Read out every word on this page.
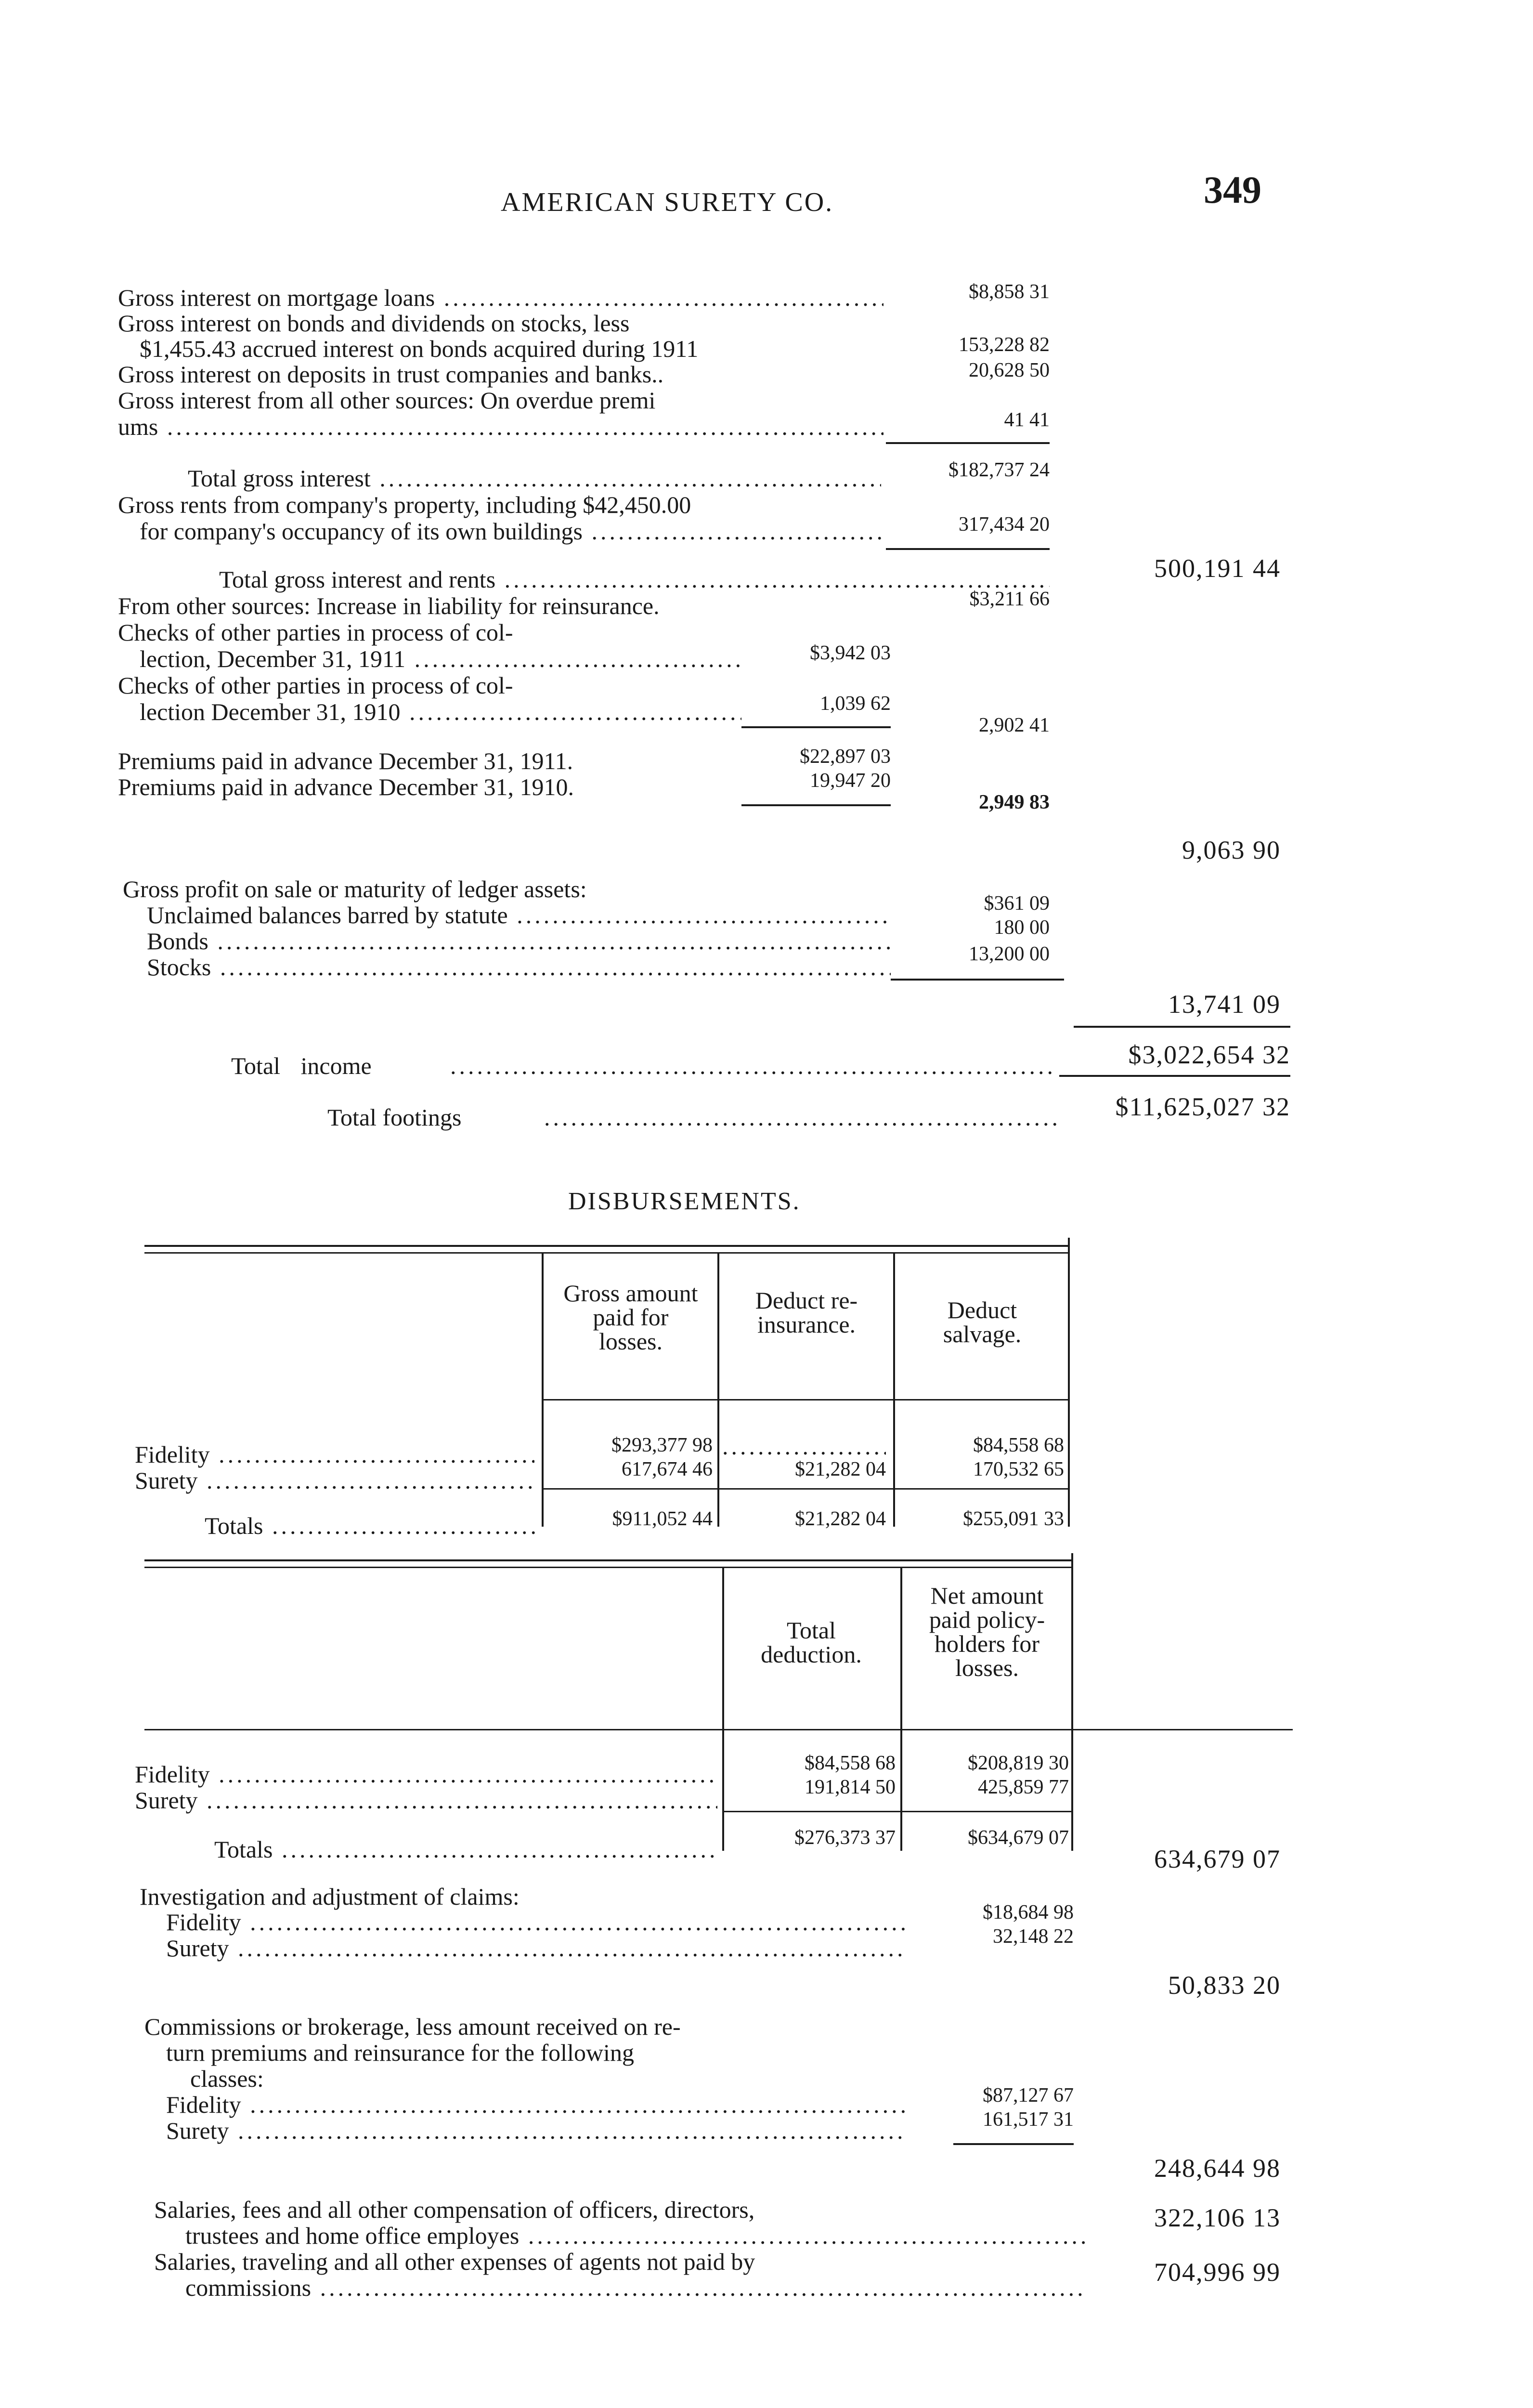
AMERICAN SURETY CO.	349
Gross interest on mortgage loans .....	$8,858 31
Gross interest on bonds and dividends on stocks, less
$1,455.43 accrued interest on bonds acquired during 1911	153,228 82
Gross interest on deposits in trust companies and banks..	20,628 50
Gross interest from all other sources: On overdue premi
ums .....	41 41
Total gross interest .....	$182,737 24
Gross rents from company's property, including $42,450.00
for company's occupancy of its own buildings .....	317,434 20
Total gross interest and rents .....	500,191 44
From other sources: Increase in liability for reinsurance.	$3,211 66
Checks of other parties in process of col-
lection, December 31, 1911 .....	$3,942 03
Checks of other parties in process of col-
lection December 31, 1910 .....	1,039 62
2,902 41
Premiums paid in advance December 31, 1911.	$22,897 03
Premiums paid in advance December 31, 1910.	19,947 20
2,949 83
9,063 90
Gross profit on sale or maturity of ledger assets:
Unclaimed balances barred by statute .....	$361 09
Bonds .....	180 00
Stocks .....	13,200 00
13,741 09
Total income .....	$3,022,654 32
Total footings .....	$11,625,027 32
DISBURSEMENTS.
Gross amount paid for losses.
Deduct re-insurance.
Deduct salvage.
Fidelity .....	$293,377 98 .....	$84,558 68
Surety .....	617,674 46	$21,282 04	170,532 65
Totals .....	$911,052 44	$21,282 04	$255,091 33
Total deduction.
Net amount paid policy-holders for losses.
Fidelity .....	$84,558 68	$208,819 30
Surety .....	191,814 50	425,859 77
Totals .....	$276,373 37	$634,679 07
634,679 07
Investigation and adjustment of claims:
Fidelity .....	$18,684 98
Surety .....	32,148 22
50,833 20
Commissions or brokerage, less amount received on re-
turn premiums and reinsurance for the following
classes:
Fidelity .....	$87,127 67
Surety .....	161,517 31
248,644 98
Salaries, fees and all other compensation of officers, directors,
trustees and home office employes .....
322,106 13
Salaries, traveling and all other expenses of agents not paid by
commissions .....
704,996 99
